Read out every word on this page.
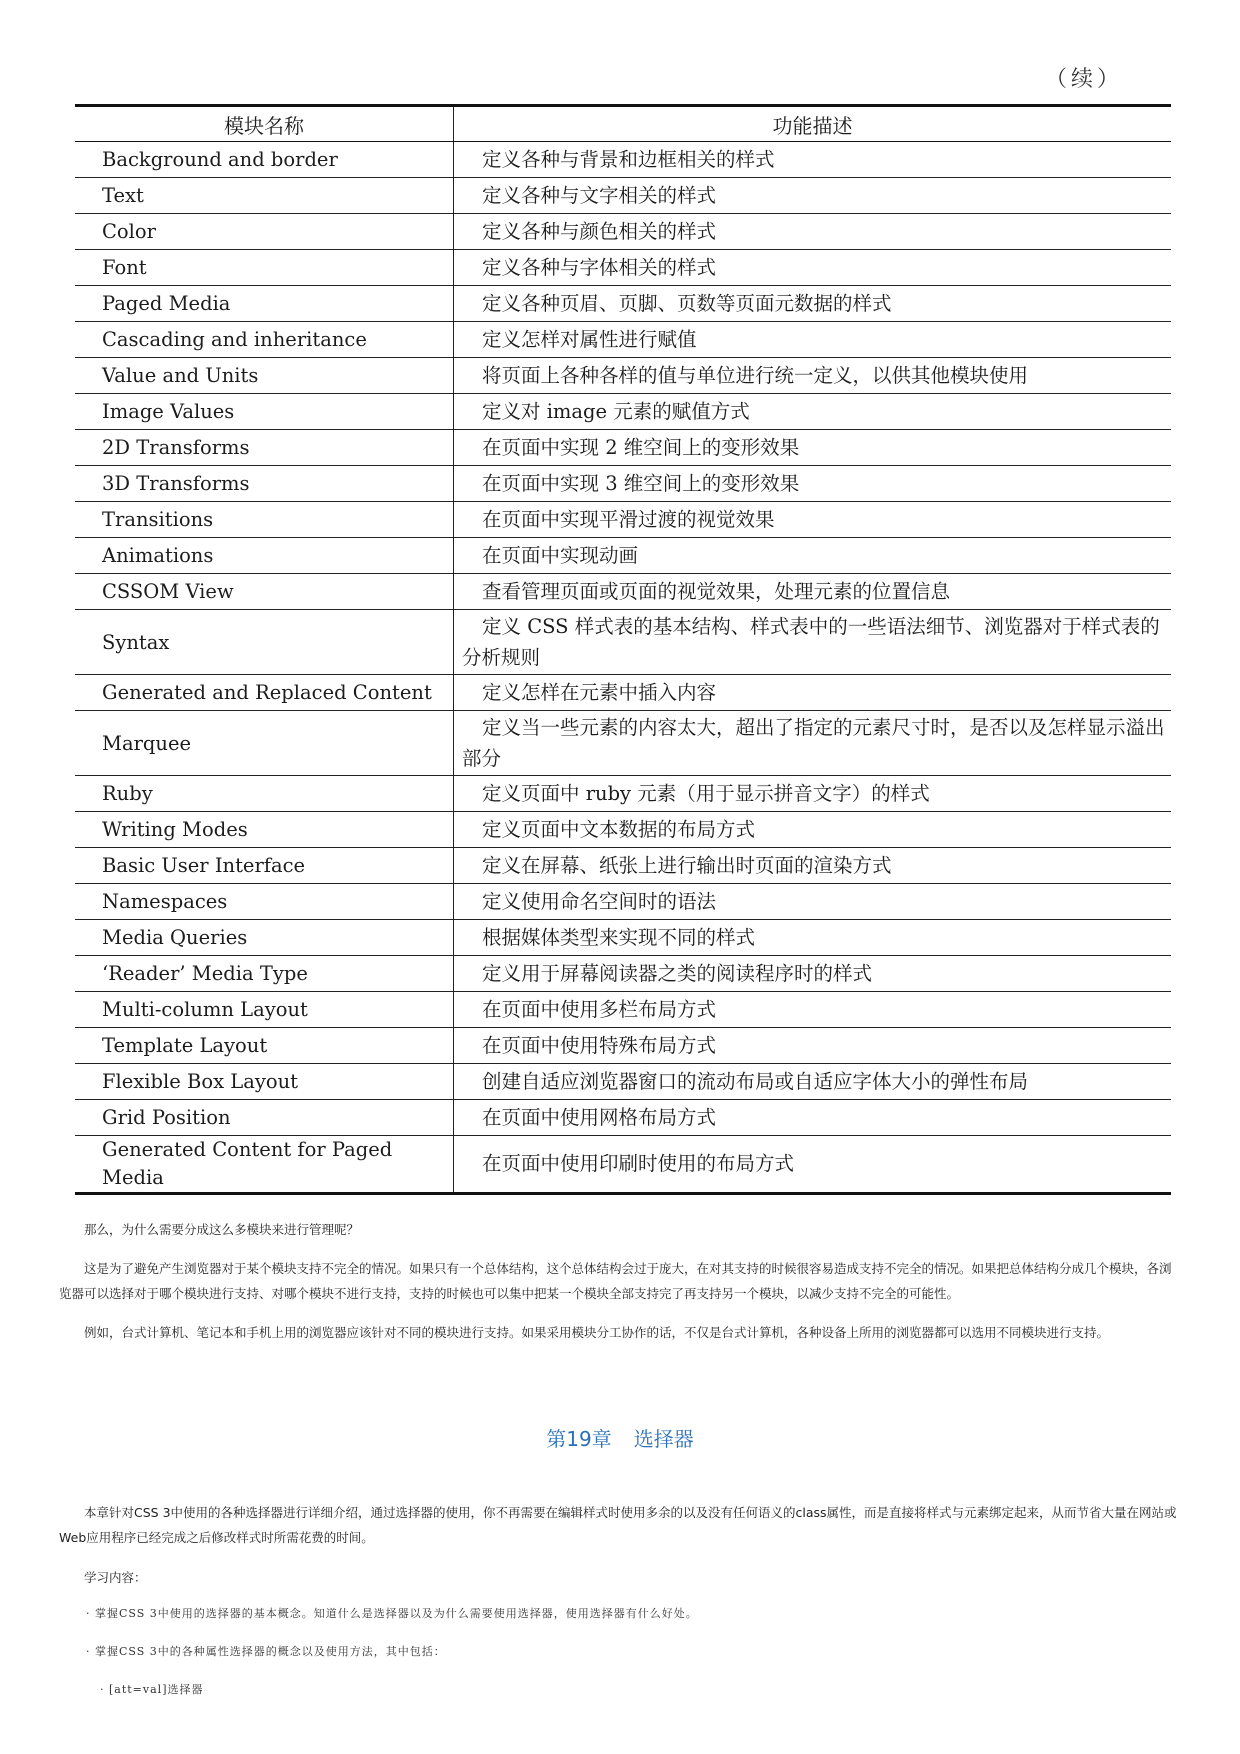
（续）
模块名称	功能描述
Background and border	定义各种与背景和边框相关的样式
Text	定义各种与文字相关的样式
Color	定义各种与颜色相关的样式
Font	定义各种与字体相关的样式
Paged Media	定义各种页眉、页脚、页数等页面元数据的样式
Cascading and inheritance	定义怎样对属性进行赋值
Value and Units	将页面上各种各样的值与单位进行统一定义，以供其他模块使用
Image Values	定义对 image 元素的赋值方式
2D Transforms	在页面中实现 2 维空间上的变形效果
3D Transforms	在页面中实现 3 维空间上的变形效果
Transitions	在页面中实现平滑过渡的视觉效果
Animations	在页面中实现动画
CSSOM View	查看管理页面或页面的视觉效果，处理元素的位置信息
Syntax	定义 CSS 样式表的基本结构、样式表中的一些语法细节、浏览器对于样式表的分析规则
Generated and Replaced Content	定义怎样在元素中插入内容
Marquee	定义当一些元素的内容太大，超出了指定的元素尺寸时，是否以及怎样显示溢出部分
Ruby	定义页面中 ruby 元素（用于显示拼音文字）的样式
Writing Modes	定义页面中文本数据的布局方式
Basic User Interface	定义在屏幕、纸张上进行输出时页面的渲染方式
Namespaces	定义使用命名空间时的语法
Media Queries	根据媒体类型来实现不同的样式
‘Reader’ Media Type	定义用于屏幕阅读器之类的阅读程序时的样式
Multi-column Layout	在页面中使用多栏布局方式
Template Layout	在页面中使用特殊布局方式
Flexible Box Layout	创建自适应浏览器窗口的流动布局或自适应字体大小的弹性布局
Grid Position	在页面中使用网格布局方式
Generated Content for Paged Media	在页面中使用印刷时使用的布局方式
那么，为什么需要分成这么多模块来进行管理呢？
这是为了避免产生浏览器对于某个模块支持不完全的情况。如果只有一个总体结构，这个总体结构会过于庞大，在对其支持的时候很容易造成支持不完全的情况。如果把总体结构分成几个模块，各浏览器可以选择对于哪个模块进行支持、对哪个模块不进行支持，支持的时候也可以集中把某一个模块全部支持完了再支持另一个模块，以减少支持不完全的可能性。
例如，台式计算机、笔记本和手机上用的浏览器应该针对不同的模块进行支持。如果采用模块分工协作的话，不仅是台式计算机，各种设备上所用的浏览器都可以选用不同模块进行支持。
第19章 选择器
本章针对CSS 3中使用的各种选择器进行详细介绍，通过选择器的使用，你不再需要在编辑样式时使用多余的以及没有任何语义的class属性，而是直接将样式与元素绑定起来，从而节省大量在网站或Web应用程序已经完成之后修改样式时所需花费的时间。
学习内容：
· 掌握CSS 3中使用的选择器的基本概念。知道什么是选择器以及为什么需要使用选择器，使用选择器有什么好处。
· 掌握CSS 3中的各种属性选择器的概念以及使用方法，其中包括：
· [att=val]选择器
